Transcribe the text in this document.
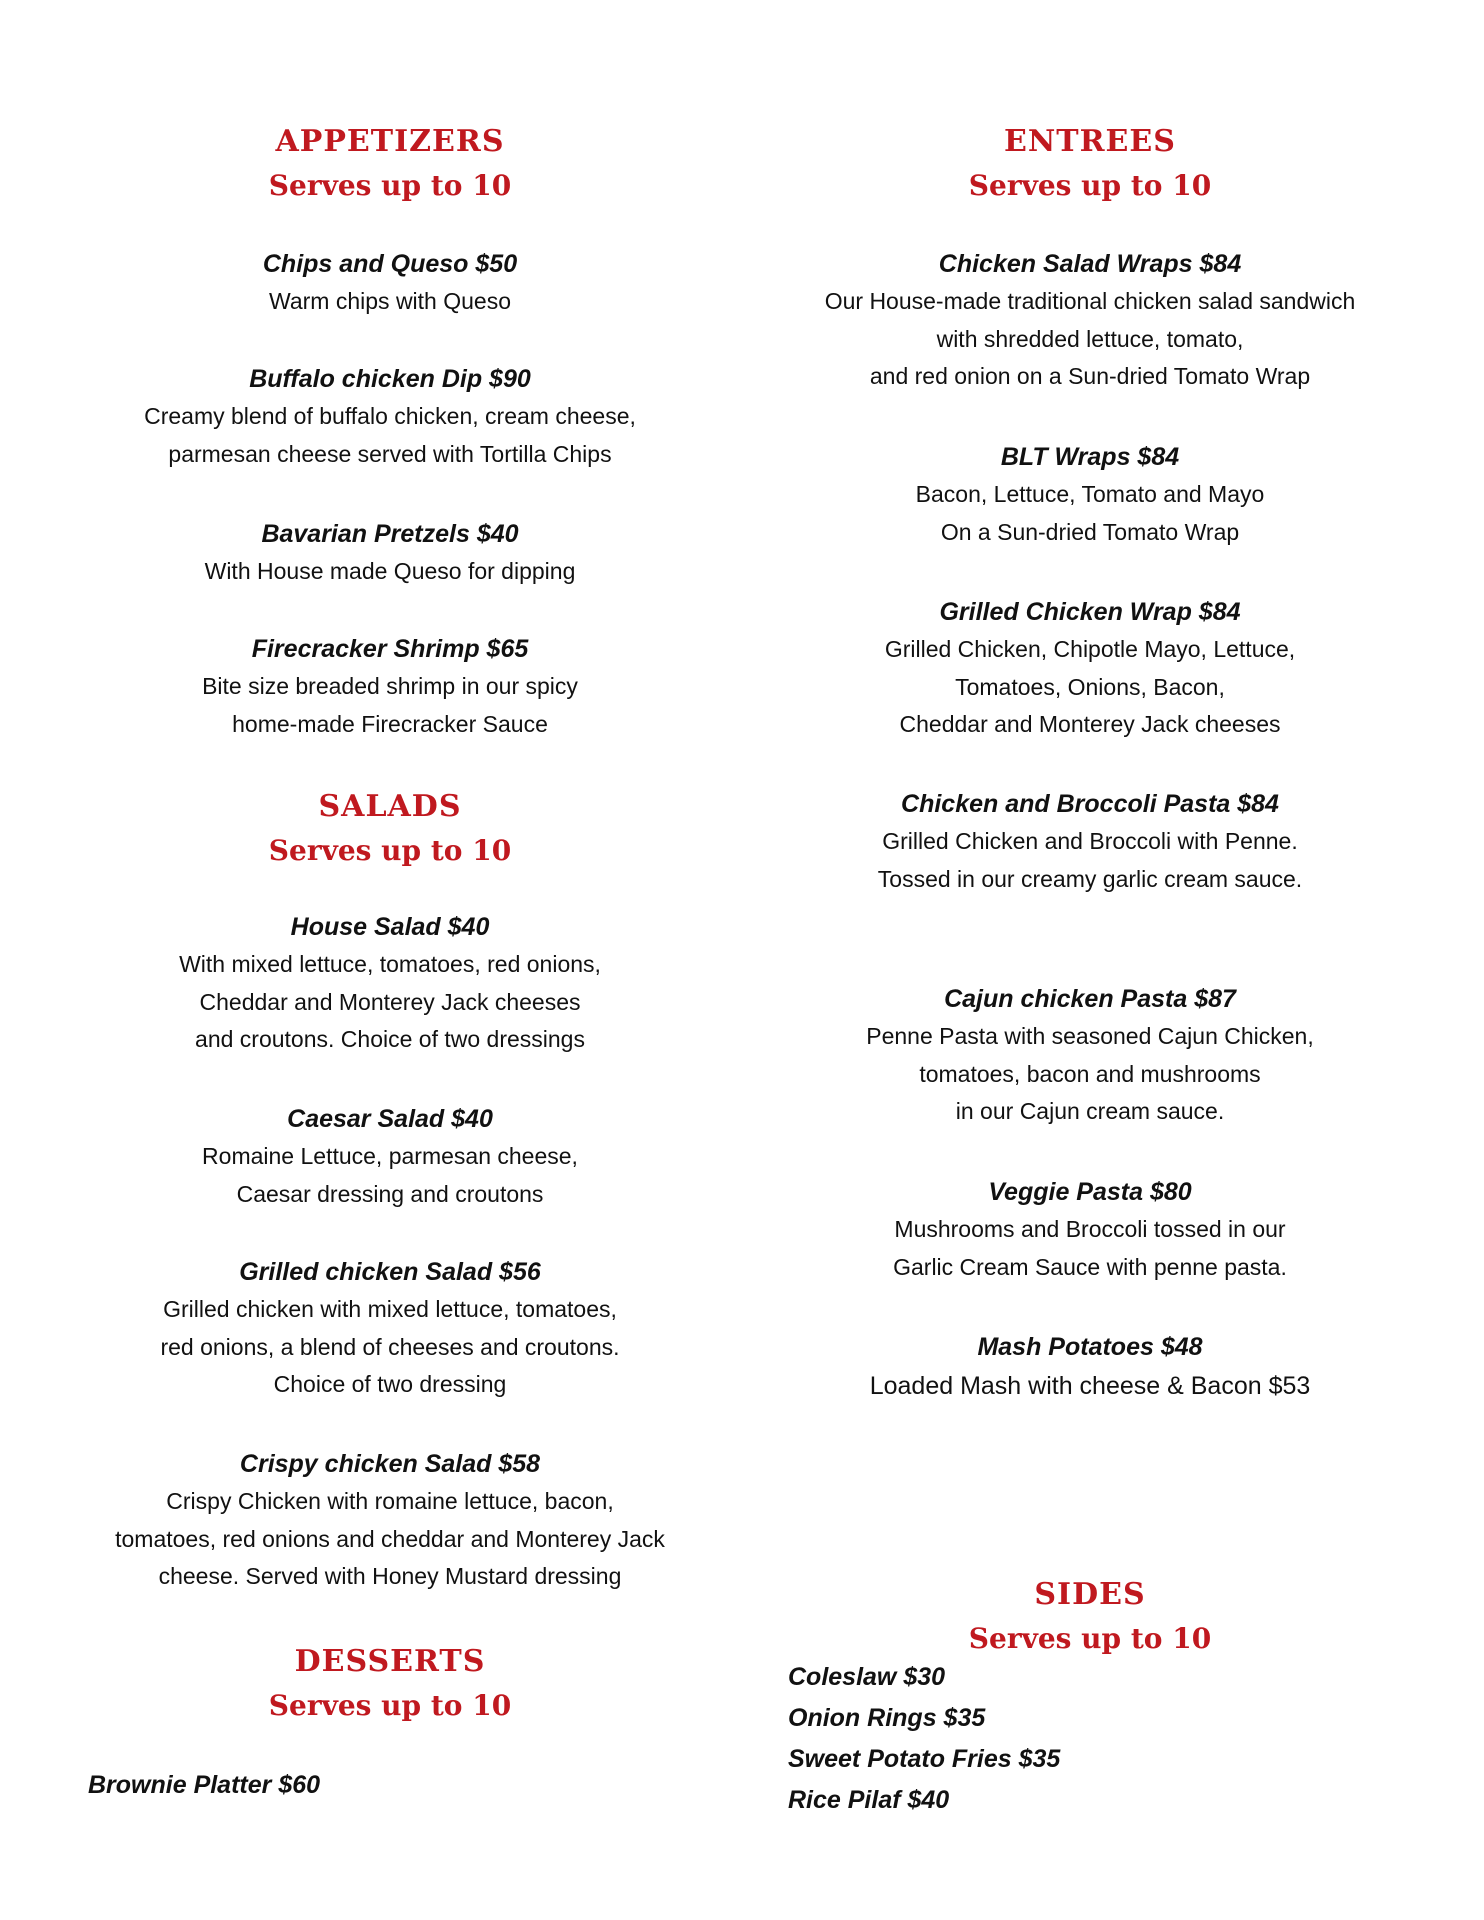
APPETIZERS
Serves up to 10
Chips and Queso $50
Warm chips with Queso
Buffalo chicken Dip $90
Creamy blend of buffalo chicken, cream cheese,
parmesan cheese served with Tortilla Chips
Bavarian Pretzels $40
With House made Queso for dipping
Firecracker Shrimp $65
Bite size breaded shrimp in our spicy
home-made Firecracker Sauce
SALADS
Serves up to 10
House Salad $40
With mixed lettuce, tomatoes, red onions,
Cheddar and Monterey Jack cheeses
and croutons. Choice of two dressings
Caesar Salad $40
Romaine Lettuce, parmesan cheese,
Caesar dressing and croutons
Grilled chicken Salad $56
Grilled chicken with mixed lettuce, tomatoes,
red onions, a blend of cheeses and croutons.
Choice of two dressing
Crispy chicken Salad $58
Crispy Chicken with romaine lettuce, bacon,
tomatoes, red onions and cheddar and Monterey Jack
cheese. Served with Honey Mustard dressing
DESSERTS
Serves up to 10
Brownie Platter $60
ENTREES
Serves up to 10
Chicken Salad Wraps $84
Our House-made traditional chicken salad sandwich
with shredded lettuce, tomato,
and red onion on a Sun-dried Tomato Wrap
BLT Wraps $84
Bacon, Lettuce, Tomato and Mayo
On a Sun-dried Tomato Wrap
Grilled Chicken Wrap $84
Grilled Chicken, Chipotle Mayo, Lettuce,
Tomatoes, Onions, Bacon,
Cheddar and Monterey Jack cheeses
Chicken and Broccoli Pasta $84
Grilled Chicken and Broccoli with Penne.
Tossed in our creamy garlic cream sauce.
Cajun chicken Pasta $87
Penne Pasta with seasoned Cajun Chicken,
tomatoes, bacon and mushrooms
in our Cajun cream sauce.
Veggie Pasta $80
Mushrooms and Broccoli tossed in our
Garlic Cream Sauce with penne pasta.
Mash Potatoes $48
Loaded Mash with cheese & Bacon $53
SIDES
Serves up to 10
Coleslaw $30
Onion Rings $35
Sweet Potato Fries $35
Rice Pilaf $40
